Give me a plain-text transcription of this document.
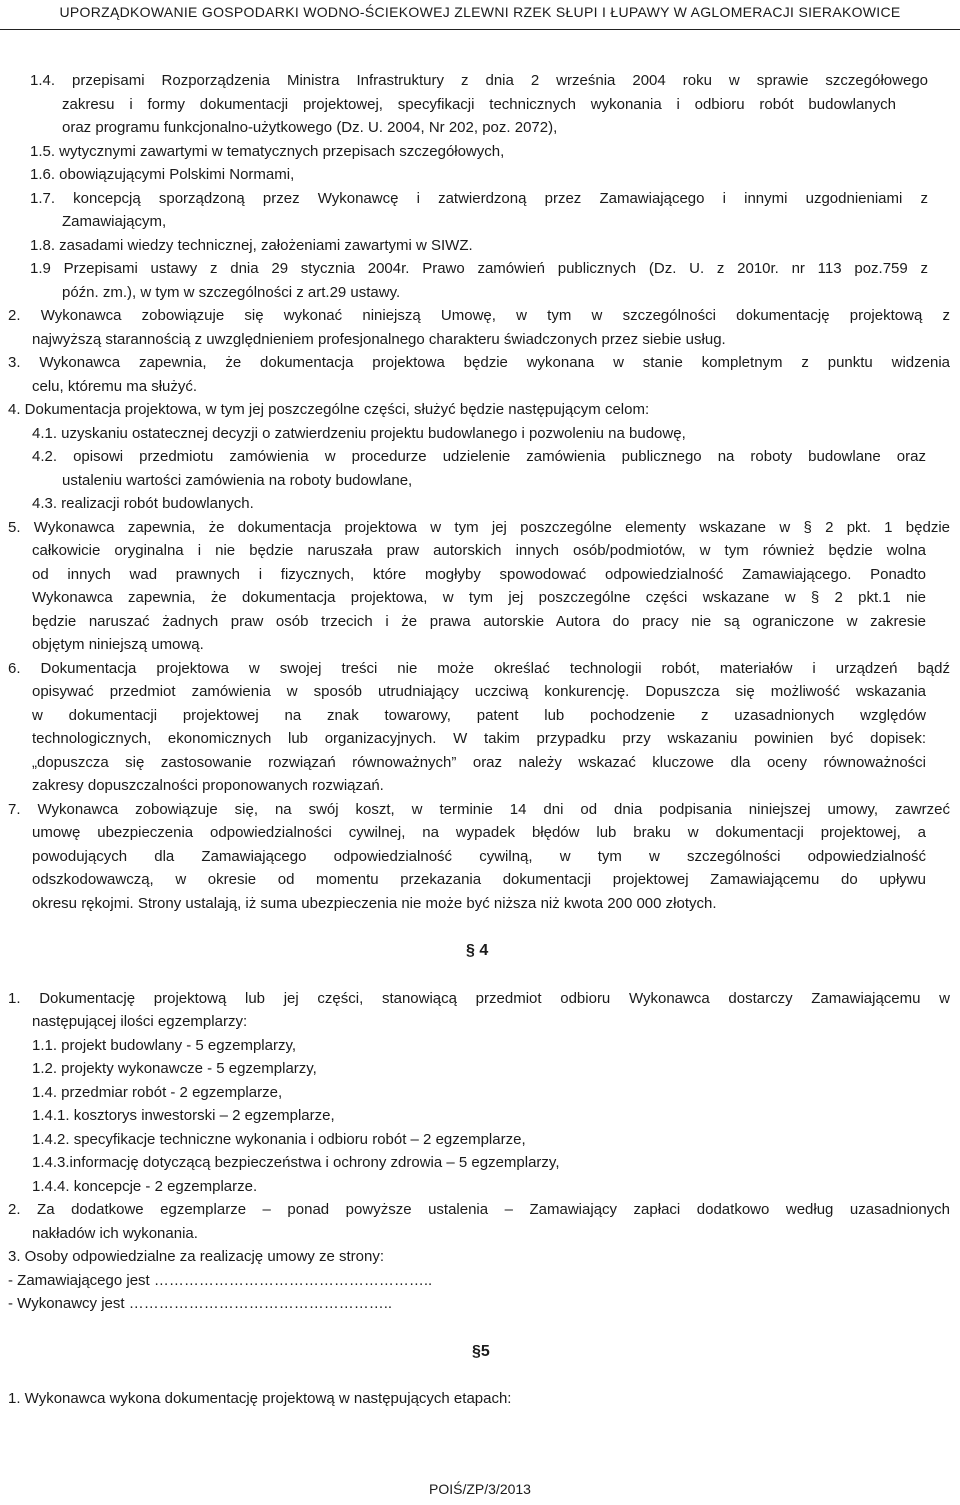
UPORZĄDKOWANIE GOSPODARKI WODNO-ŚCIEKOWEJ ZLEWNI RZEK SŁUPI I ŁUPAWY W AGLOMERACJI SIERAKOWICE
1.4. przepisami Rozporządzenia Ministra Infrastruktury z dnia 2 września 2004 roku w sprawie szczegółowego
zakresu i formy dokumentacji projektowej, specyfikacji technicznych wykonania i odbioru robót budowlanych
oraz programu funkcjonalno-użytkowego (Dz. U. 2004, Nr 202, poz. 2072),
1.5. wytycznymi zawartymi w tematycznych przepisach szczegółowych,
1.6. obowiązującymi Polskimi Normami,
1.7. koncepcją sporządzoną przez Wykonawcę i zatwierdzoną przez Zamawiającego i innymi uzgodnieniami z
Zamawiającym,
1.8. zasadami wiedzy technicznej, założeniami zawartymi w SIWZ.
1.9 Przepisami ustawy z dnia 29 stycznia 2004r. Prawo zamówień publicznych (Dz. U. z 2010r. nr 113 poz.759 z
późn. zm.), w tym w szczególności z art.29 ustawy.
2. Wykonawca zobowiązuje się wykonać niniejszą Umowę, w tym w szczególności dokumentację projektową z
najwyższą starannością z uwzględnieniem profesjonalnego charakteru świadczonych przez siebie usług.
3. Wykonawca zapewnia, że dokumentacja projektowa będzie wykonana w stanie kompletnym z punktu widzenia
celu, któremu ma służyć.
4. Dokumentacja projektowa, w tym jej poszczególne części, służyć będzie następującym celom:
4.1. uzyskaniu ostatecznej decyzji o zatwierdzeniu projektu budowlanego i pozwoleniu na budowę,
4.2. opisowi przedmiotu zamówienia w procedurze udzielenie zamówienia publicznego na roboty budowlane oraz
ustaleniu wartości zamówienia na roboty budowlane,
4.3. realizacji robót budowlanych.
5. Wykonawca zapewnia, że dokumentacja projektowa w tym jej poszczególne elementy wskazane w § 2 pkt. 1 będzie
całkowicie oryginalna i nie będzie naruszała praw autorskich innych osób/podmiotów, w tym również będzie wolna
od innych wad prawnych i fizycznych, które mogłyby spowodować odpowiedzialność Zamawiającego. Ponadto
Wykonawca zapewnia, że dokumentacja projektowa, w tym jej poszczególne części wskazane w § 2 pkt.1 nie
będzie naruszać żadnych praw osób trzecich i że prawa autorskie Autora do pracy nie są ograniczone w zakresie
objętym niniejszą umową.
6. Dokumentacja projektowa w swojej treści nie może określać technologii robót, materiałów i urządzeń bądź
opisywać przedmiot zamówienia w sposób utrudniający uczciwą konkurencję. Dopuszcza się możliwość wskazania
w dokumentacji projektowej na znak towarowy, patent lub pochodzenie z uzasadnionych względów
technologicznych, ekonomicznych lub organizacyjnych. W takim przypadku przy wskazaniu powinien być dopisek:
„dopuszcza się zastosowanie rozwiązań równoważnych” oraz należy wskazać kluczowe dla oceny równoważności
zakresy dopuszczalności proponowanych rozwiązań.
7. Wykonawca zobowiązuje się, na swój koszt, w terminie 14 dni od dnia podpisania niniejszej umowy, zawrzeć
umowę ubezpieczenia odpowiedzialności cywilnej, na wypadek błędów lub braku w dokumentacji projektowej, a
powodujących dla Zamawiającego odpowiedzialność cywilną, w tym w szczególności odpowiedzialność
odszkodowawczą, w okresie od momentu przekazania dokumentacji projektowej Zamawiającemu do upływu
okresu rękojmi. Strony ustalają, iż suma ubezpieczenia nie może być niższa niż kwota 200 000 złotych.
§ 4
1. Dokumentację projektową lub jej części, stanowiącą przedmiot odbioru Wykonawca dostarczy Zamawiającemu w
następującej ilości egzemplarzy:
1.1. projekt budowlany - 5 egzemplarzy,
1.2. projekty wykonawcze - 5 egzemplarzy,
1.4. przedmiar robót - 2 egzemplarze,
1.4.1. kosztorys inwestorski – 2 egzemplarze,
1.4.2. specyfikacje techniczne wykonania i odbioru robót – 2 egzemplarze,
1.4.3.informację dotyczącą bezpieczeństwa i ochrony zdrowia – 5 egzemplarzy,
1.4.4. koncepcje - 2 egzemplarze.
2. Za dodatkowe egzemplarze – ponad powyższe ustalenia – Zamawiający zapłaci dodatkowo według uzasadnionych
nakładów ich wykonania.
3. Osoby odpowiedzialne za realizację umowy ze strony:
- Zamawiającego jest ………………………………………………..
- Wykonawcy jest ……………………………………………..
§5
1. Wykonawca wykona dokumentację projektową w następujących etapach:
POIŚ/ZP/3/2013
